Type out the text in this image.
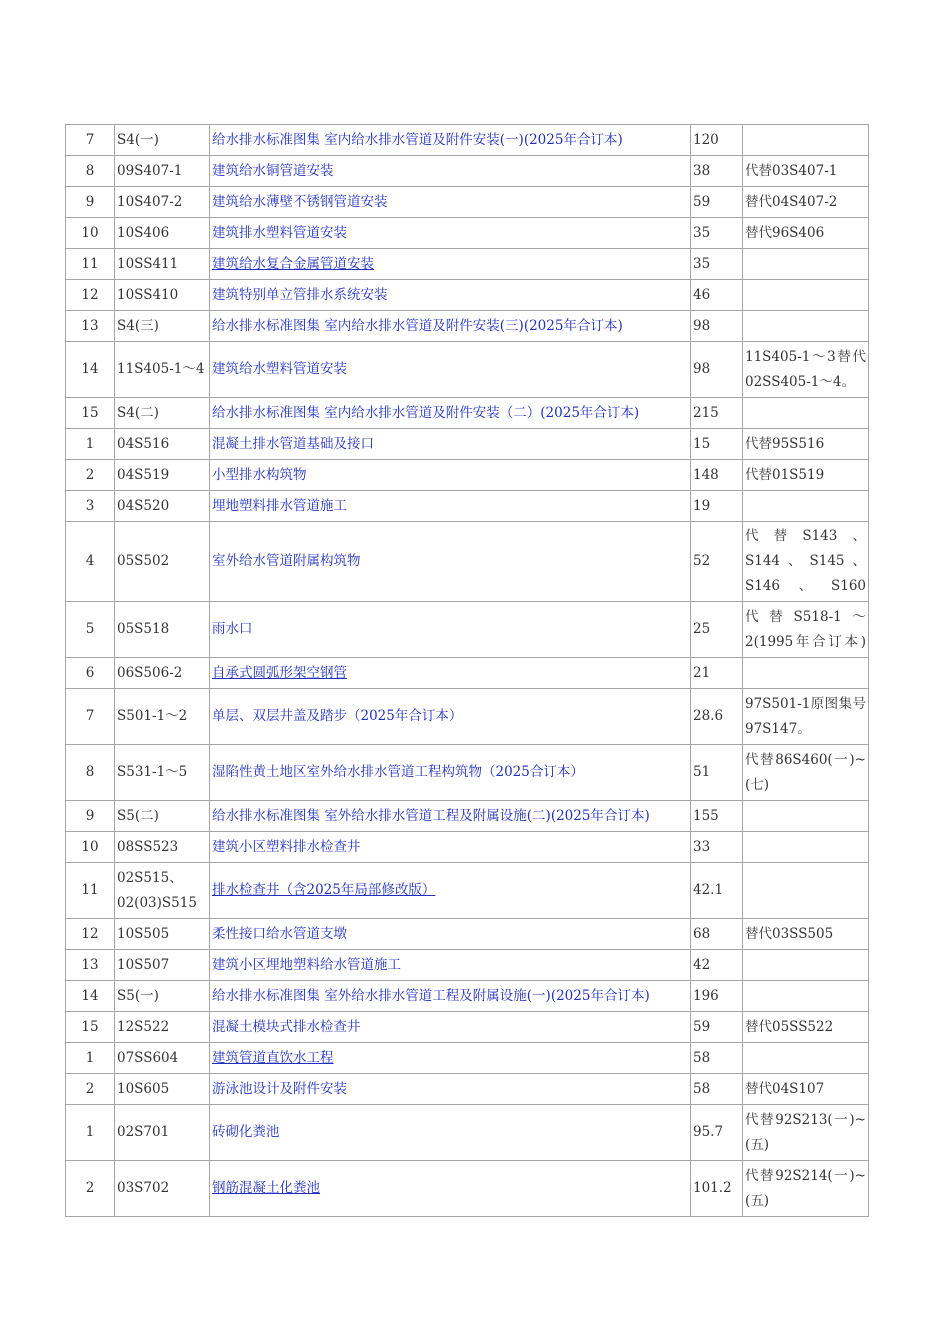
7	S4(一)	给水排水标准图集 室内给水排水管道及附件安装(一)(2025年合订本)	120	
8	09S407-1	建筑给水铜管道安装	38	代替03S407-1
9	10S407-2	建筑给水薄壁不锈钢管道安装	59	替代04S407-2
10	10S406	建筑排水塑料管道安装	35	替代96S406
11	10SS411	建筑给水复合金属管道安装	35	
12	10SS410	建筑特别单立管排水系统安装	46	
13	S4(三)	给水排水标准图集 室内给水排水管道及附件安装(三)(2025年合订本)	98	
14	11S405-1～4	建筑给水塑料管道安装	98	11S405-1～3替代02SS405-1～4。
15	S4(二)	给水排水标准图集 室内给水排水管道及附件安装（二）(2025年合订本)	215	
1	04S516	混凝土排水管道基础及接口	15	代替95S516
2	04S519	小型排水构筑物	148	代替01S519
3	04S520	埋地塑料排水管道施工	19	
4	05S502	室外给水管道附属构筑物	52	代替S143、S144、S145、S146、S160
5	05S518	雨水口	25	代替S518-1～2(1995年合订本)
6	06S506-2	自承式圆弧形架空钢管	21	
7	S501-1～2	单层、双层井盖及踏步（2025年合订本）	28.6	97S501-1原图集号97S147。
8	S531-1～5	湿陷性黄土地区室外给水排水管道工程构筑物（2025合订本）	51	代替86S460(一)~(七)
9	S5(二)	给水排水标准图集 室外给水排水管道工程及附属设施(二)(2025年合订本)	155	
10	08SS523	建筑小区塑料排水检查井	33	
11	02S515、02(03)S515	排水检查井（含2025年局部修改版）	42.1	
12	10S505	柔性接口给水管道支墩	68	替代03SS505
13	10S507	建筑小区埋地塑料给水管道施工	42	
14	S5(一)	给水排水标准图集 室外给水排水管道工程及附属设施(一)(2025年合订本)	196	
15	12S522	混凝土模块式排水检查井	59	替代05SS522
1	07SS604	建筑管道直饮水工程	58	
2	10S605	游泳池设计及附件安装	58	替代04S107
1	02S701	砖砌化粪池	95.7	代替92S213(一)~(五)
2	03S702	钢筋混凝土化粪池	101.2	代替92S214(一)~(五)
